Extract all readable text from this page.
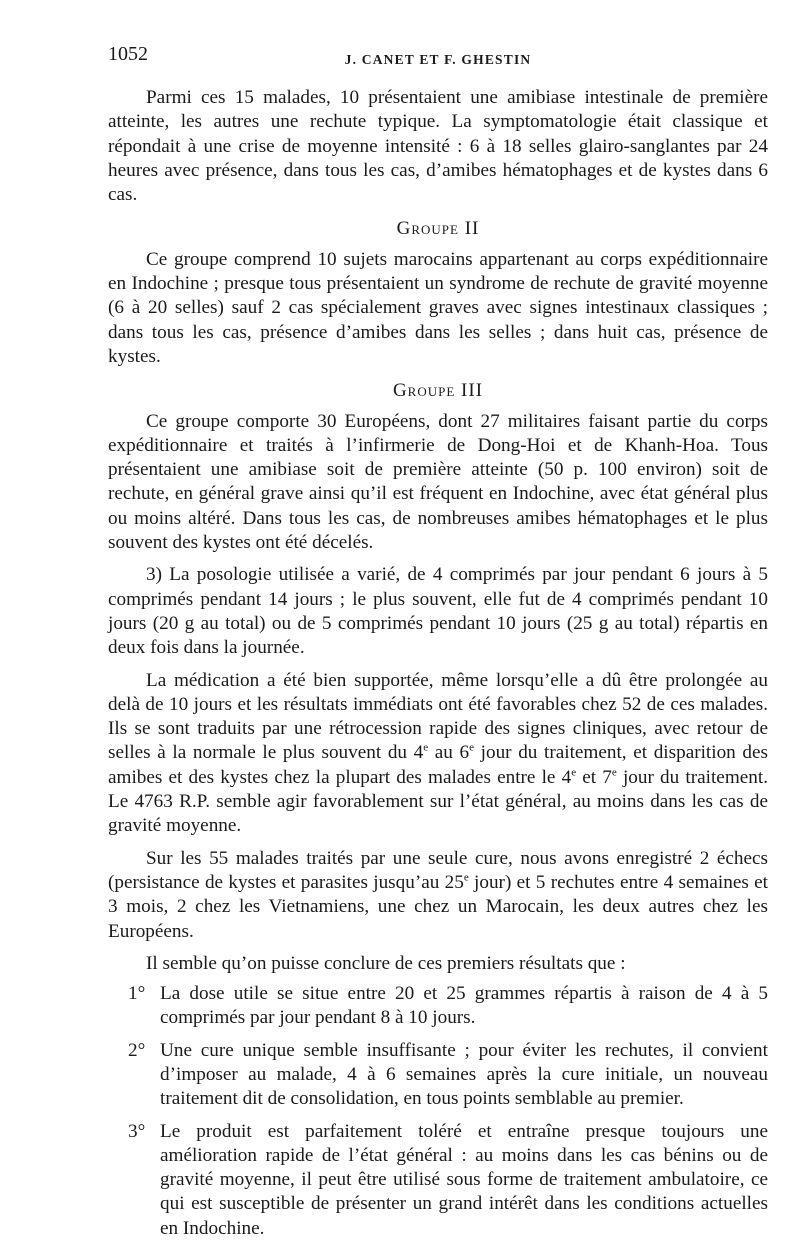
1052	J. CANET ET F. GHESTIN

Parmi ces 15 malades, 10 présentaient une amibiase intestinale de première atteinte, les autres une rechute typique. La symptomatologie était classique et répondait à une crise de moyenne intensité : 6 à 18 selles glairo-sanglantes par 24 heures avec présence, dans tous les cas, d’amibes hématophages et de kystes dans 6 cas.

Groupe II

Ce groupe comprend 10 sujets marocains appartenant au corps expéditionnaire en Indochine ; presque tous présentaient un syndrome de rechute de gravité moyenne (6 à 20 selles) sauf 2 cas spécialement graves avec signes intestinaux classiques ; dans tous les cas, présence d’amibes dans les selles ; dans huit cas, présence de kystes.

Groupe III

Ce groupe comporte 30 Européens, dont 27 militaires faisant partie du corps expéditionnaire et traités à l’infirmerie de Dong-Hoi et de Khanh-Hoa. Tous présentaient une amibiase soit de première atteinte (50 p. 100 environ) soit de rechute, en général grave ainsi qu’il est fréquent en Indochine, avec état général plus ou moins altéré. Dans tous les cas, de nombreuses amibes hématophages et le plus souvent des kystes ont été décelés.

3) La posologie utilisée a varié, de 4 comprimés par jour pendant 6 jours à 5 comprimés pendant 14 jours ; le plus souvent, elle fut de 4 comprimés pendant 10 jours (20 g au total) ou de 5 comprimés pendant 10 jours (25 g au total) répartis en deux fois dans la journée.

La médication a été bien supportée, même lorsqu’elle a dû être prolongée au delà de 10 jours et les résultats immédiats ont été favorables chez 52 de ces malades. Ils se sont traduits par une rétrocession rapide des signes cliniques, avec retour de selles à la normale le plus souvent du 4e au 6e jour du traitement, et disparition des amibes et des kystes chez la plupart des malades entre le 4e et 7e jour du traitement. Le 4763 R.P. semble agir favorablement sur l’état général, au moins dans les cas de gravité moyenne.

Sur les 55 malades traités par une seule cure, nous avons enregistré 2 échecs (persistance de kystes et parasites jusqu’au 25e jour) et 5 rechutes entre 4 semaines et 3 mois, 2 chez les Vietnamiens, une chez un Marocain, les deux autres chez les Européens.

Il semble qu’on puisse conclure de ces premiers résultats que :

1° La dose utile se situe entre 20 et 25 grammes répartis à raison de 4 à 5 comprimés par jour pendant 8 à 10 jours.
2° Une cure unique semble insuffisante ; pour éviter les rechutes, il convient d’imposer au malade, 4 à 6 semaines après la cure initiale, un nouveau traitement dit de consolidation, en tous points semblable au premier.
3° Le produit est parfaitement toléré et entraîne presque toujours une amélioration rapide de l’état général : au moins dans les cas bénins ou de gravité moyenne, il peut être utilisé sous forme de traitement ambulatoire, ce qui est susceptible de présenter un grand intérêt dans les conditions actuelles en Indochine.
